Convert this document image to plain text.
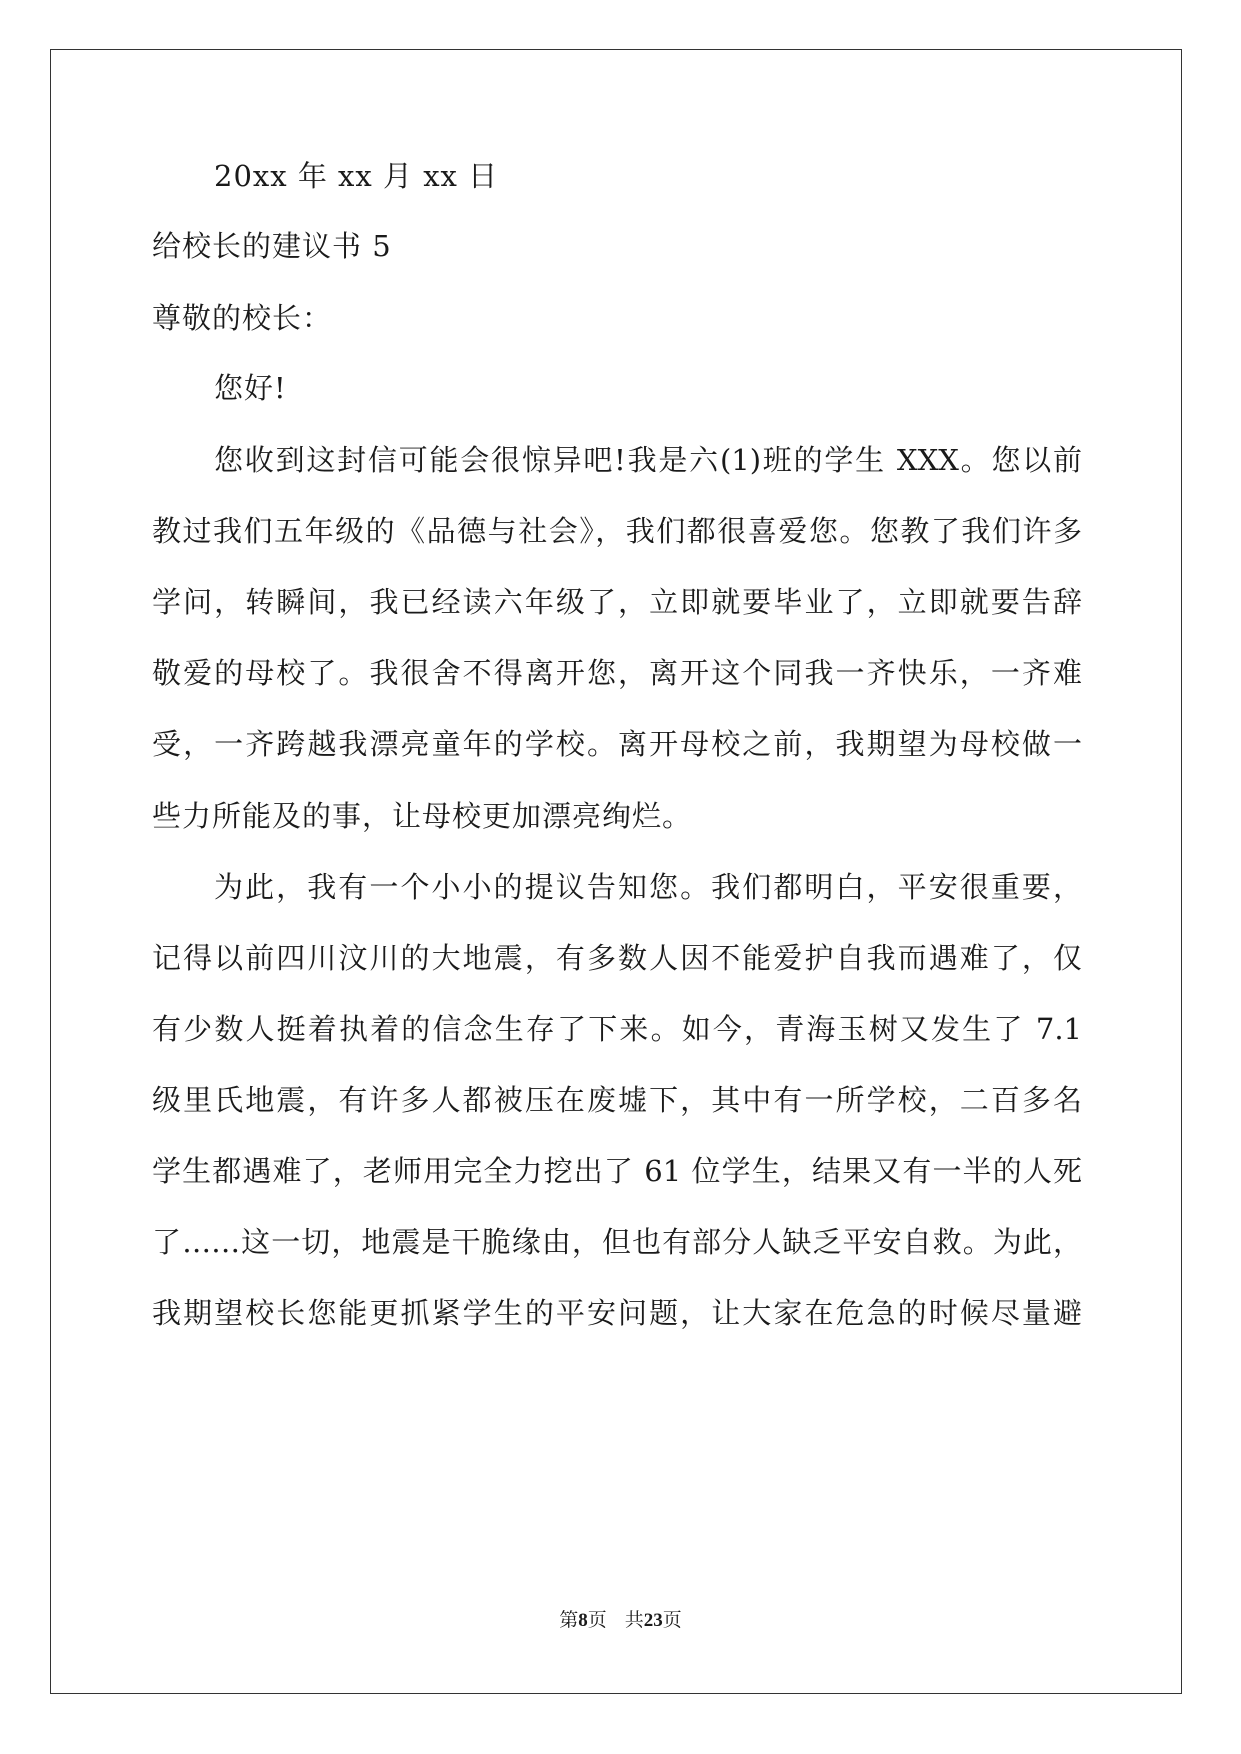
20xx 年 xx 月 xx 日
给校长的建议书 5
尊敬的校长：
您好!
您收到这封信可能会很惊异吧!我是六(1)班的学生 XXX。您以前
教过我们五年级的《品德与社会》，我们都很喜爱您。您教了我们许多
学问，转瞬间，我已经读六年级了，立即就要毕业了，立即就要告辞
敬爱的母校了。我很舍不得离开您，离开这个同我一齐快乐，一齐难
受，一齐跨越我漂亮童年的学校。离开母校之前，我期望为母校做一
些力所能及的事，让母校更加漂亮绚烂。
为此，我有一个小小的提议告知您。我们都明白，平安很重要，
记得以前四川汶川的大地震，有多数人因不能爱护自我而遇难了，仅
有少数人挺着执着的信念生存了下来。如今，青海玉树又发生了 7.1
级里氏地震，有许多人都被压在废墟下，其中有一所学校，二百多名
学生都遇难了，老师用完全力挖出了 61 位学生，结果又有一半的人死
了……这一切，地震是干脆缘由，但也有部分人缺乏平安自救。为此，
我期望校长您能更抓紧学生的平安问题，让大家在危急的时候尽量避
第8页 共23页
